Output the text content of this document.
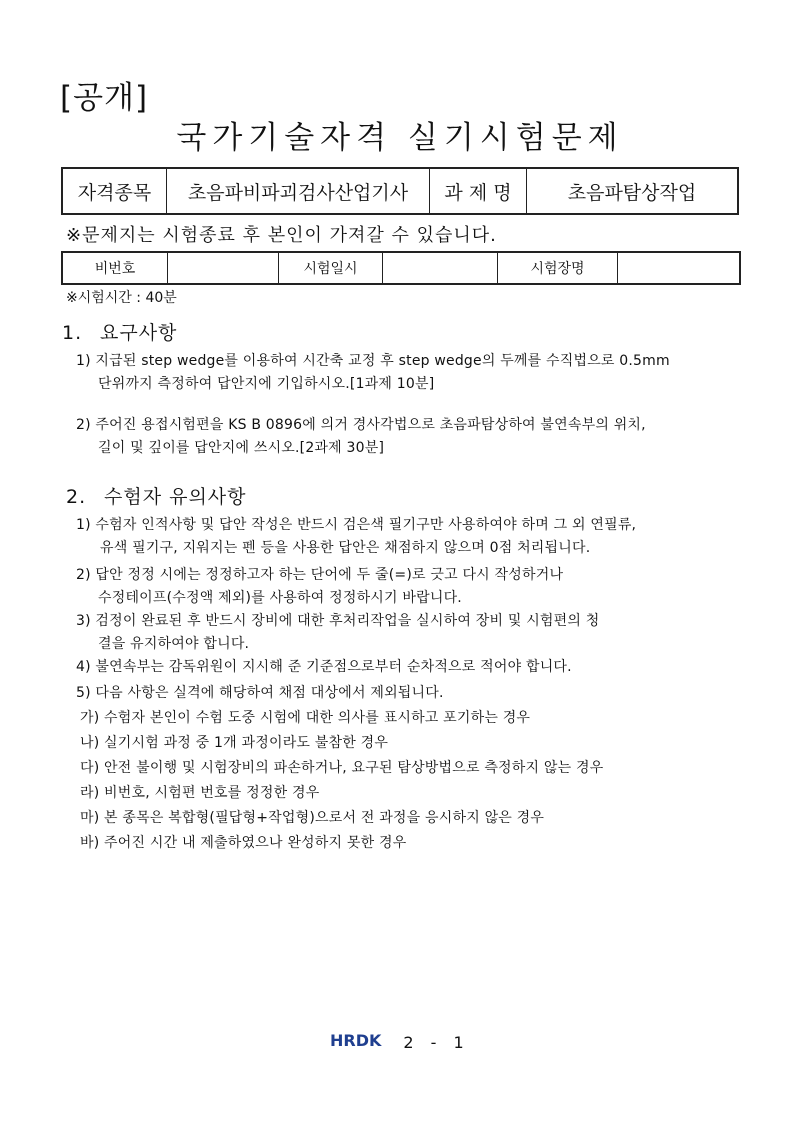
[공개]
국가기술자격 실기시험문제
자격종목	초음파비파괴검사산업기사	과 제 명	초음파탐상작업
※문제지는 시험종료 후 본인이 가져갈 수 있습니다.
비번호		시험일시		시험장명	
※시험시간 : 40분
1. 요구사항
1) 지급된 step wedge를 이용하여 시간축 교정 후 step wedge의 두께를 수직법으로 0.5mm
단위까지 측정하여 답안지에 기입하시오.[1과제 10분]
2) 주어진 용접시험편을 KS B 0896에 의거 경사각법으로 초음파탐상하여 불연속부의 위치,
길이 및 깊이를 답안지에 쓰시오.[2과제 30분]
2. 수험자 유의사항
1) 수험자 인적사항 및 답안 작성은 반드시 검은색 필기구만 사용하여야 하며 그 외 연필류,
유색 필기구, 지워지는 펜 등을 사용한 답안은 채점하지 않으며 0점 처리됩니다.
2) 답안 정정 시에는 정정하고자 하는 단어에 두 줄(=)로 긋고 다시 작성하거나
수정테이프(수정액 제외)를 사용하여 정정하시기 바랍니다.
3) 검정이 완료된 후 반드시 장비에 대한 후처리작업을 실시하여 장비 및 시험편의 청
결을 유지하여야 합니다.
4) 불연속부는 감독위원이 지시해 준 기준점으로부터 순차적으로 적어야 합니다.
5) 다음 사항은 실격에 해당하여 채점 대상에서 제외됩니다.
가) 수험자 본인이 수험 도중 시험에 대한 의사를 표시하고 포기하는 경우
나) 실기시험 과정 중 1개 과정이라도 불참한 경우
다) 안전 불이행 및 시험장비의 파손하거나, 요구된 탐상방법으로 측정하지 않는 경우
라) 비번호, 시험편 번호를 정정한 경우
마) 본 종목은 복합형(필답형+작업형)으로서 전 과정을 응시하지 않은 경우
바) 주어진 시간 내 제출하였으나 완성하지 못한 경우
HRDK 2 - 1
